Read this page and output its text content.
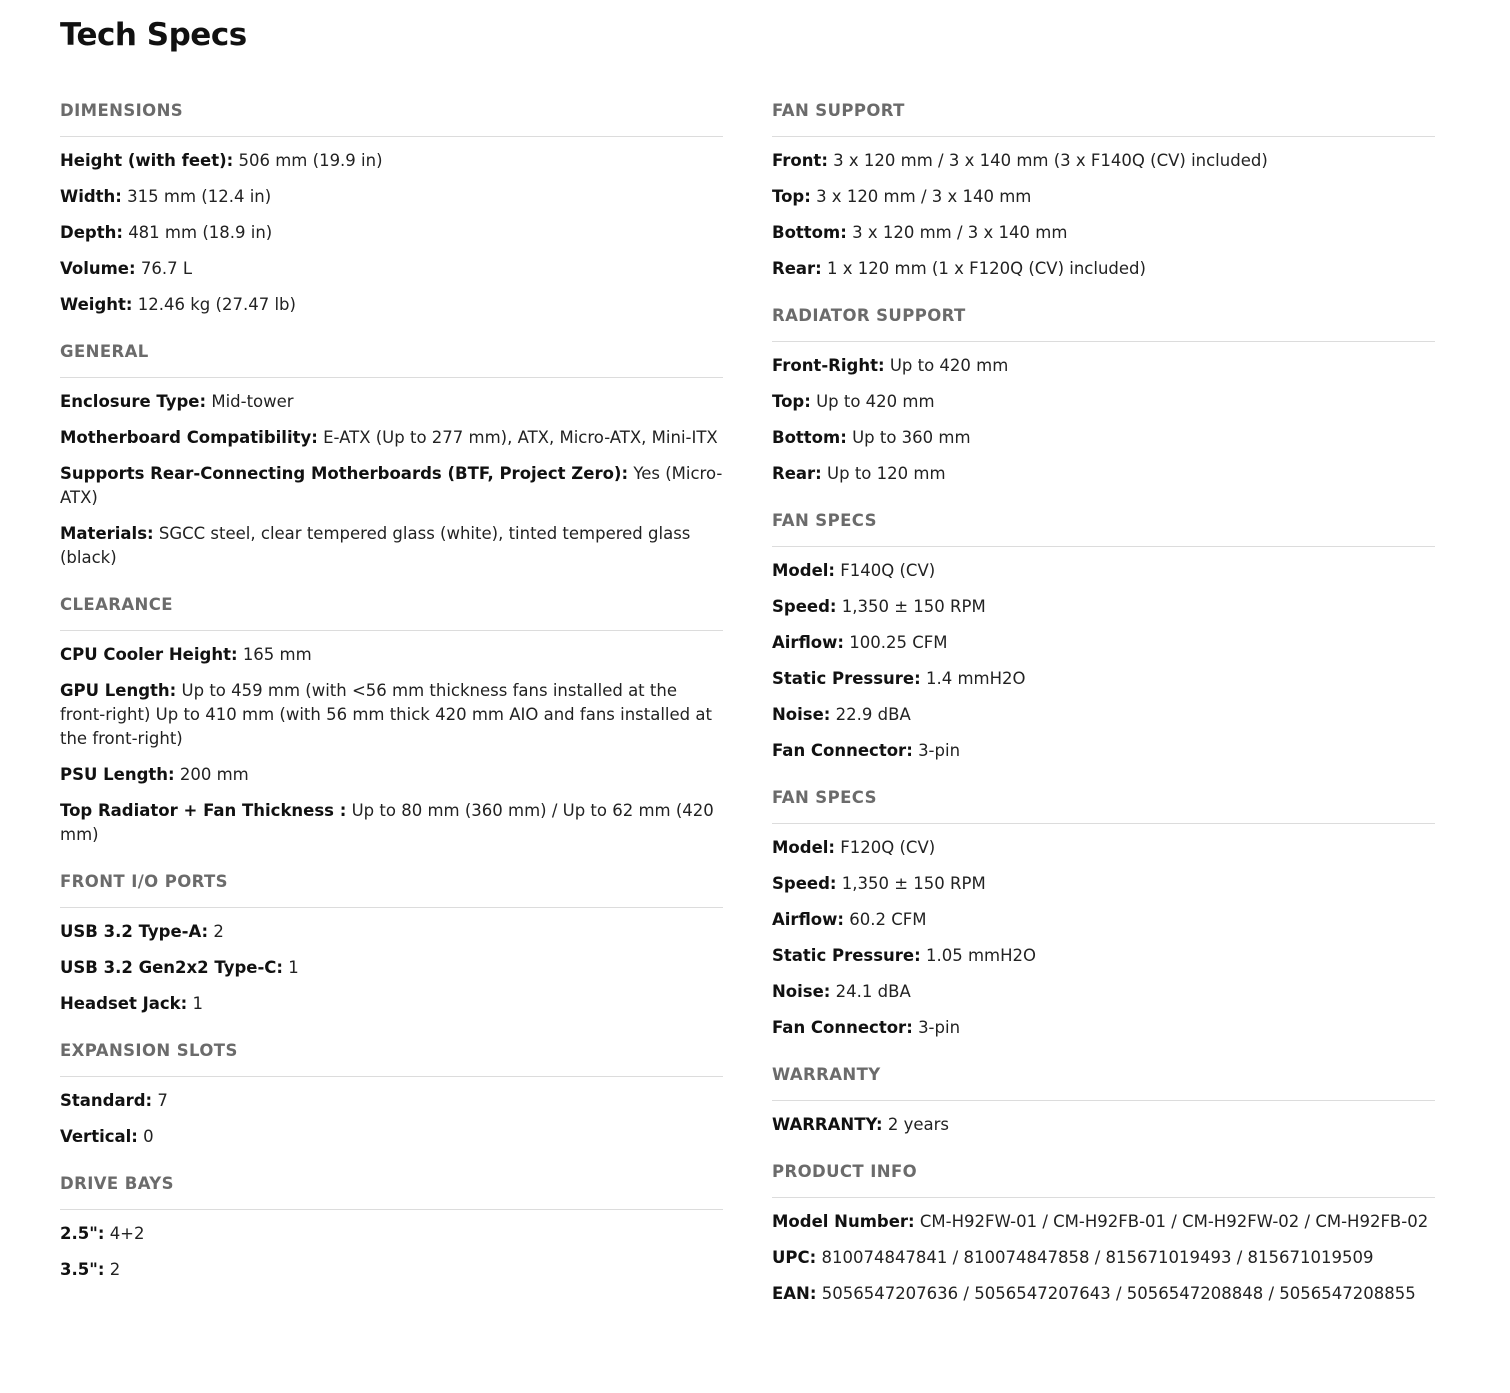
Tech Specs
DIMENSIONS
Height (with feet): 506 mm (19.9 in)
Width: 315 mm (12.4 in)
Depth: 481 mm (18.9 in)
Volume: 76.7 L
Weight: 12.46 kg (27.47 lb)
GENERAL
Enclosure Type: Mid-tower
Motherboard Compatibility: E-ATX (Up to 277 mm), ATX, Micro-ATX, Mini-ITX
Supports Rear-Connecting Motherboards (BTF, Project Zero): Yes (Micro-ATX)
Materials: SGCC steel, clear tempered glass (white), tinted tempered glass (black)
CLEARANCE
CPU Cooler Height: 165 mm
GPU Length: Up to 459 mm (with <56 mm thickness fans installed at the front-right) Up to 410 mm (with 56 mm thick 420 mm AIO and fans installed at the front-right)
PSU Length: 200 mm
Top Radiator + Fan Thickness : Up to 80 mm (360 mm) / Up to 62 mm (420 mm)
FRONT I/O PORTS
USB 3.2 Type-A: 2
USB 3.2 Gen2x2 Type-C: 1
Headset Jack: 1
EXPANSION SLOTS
Standard: 7
Vertical: 0
DRIVE BAYS
2.5": 4+2
3.5": 2
FAN SUPPORT
Front: 3 x 120 mm / 3 x 140 mm (3 x F140Q (CV) included)
Top: 3 x 120 mm / 3 x 140 mm
Bottom: 3 x 120 mm / 3 x 140 mm
Rear: 1 x 120 mm (1 x F120Q (CV) included)
RADIATOR SUPPORT
Front-Right: Up to 420 mm
Top: Up to 420 mm
Bottom: Up to 360 mm
Rear: Up to 120 mm
FAN SPECS
Model: F140Q (CV)
Speed: 1,350 ± 150 RPM
Airflow: 100.25 CFM
Static Pressure: 1.4 mmH2O
Noise: 22.9 dBA
Fan Connector: 3-pin
FAN SPECS
Model: F120Q (CV)
Speed: 1,350 ± 150 RPM
Airflow: 60.2 CFM
Static Pressure: 1.05 mmH2O
Noise: 24.1 dBA
Fan Connector: 3-pin
WARRANTY
WARRANTY: 2 years
PRODUCT INFO
Model Number: CM-H92FW-01 / CM-H92FB-01 / CM-H92FW-02 / CM-H92FB-02
UPC: 810074847841 / 810074847858 / 815671019493 / 815671019509
EAN: 5056547207636 / 5056547207643 / 5056547208848 / 5056547208855
